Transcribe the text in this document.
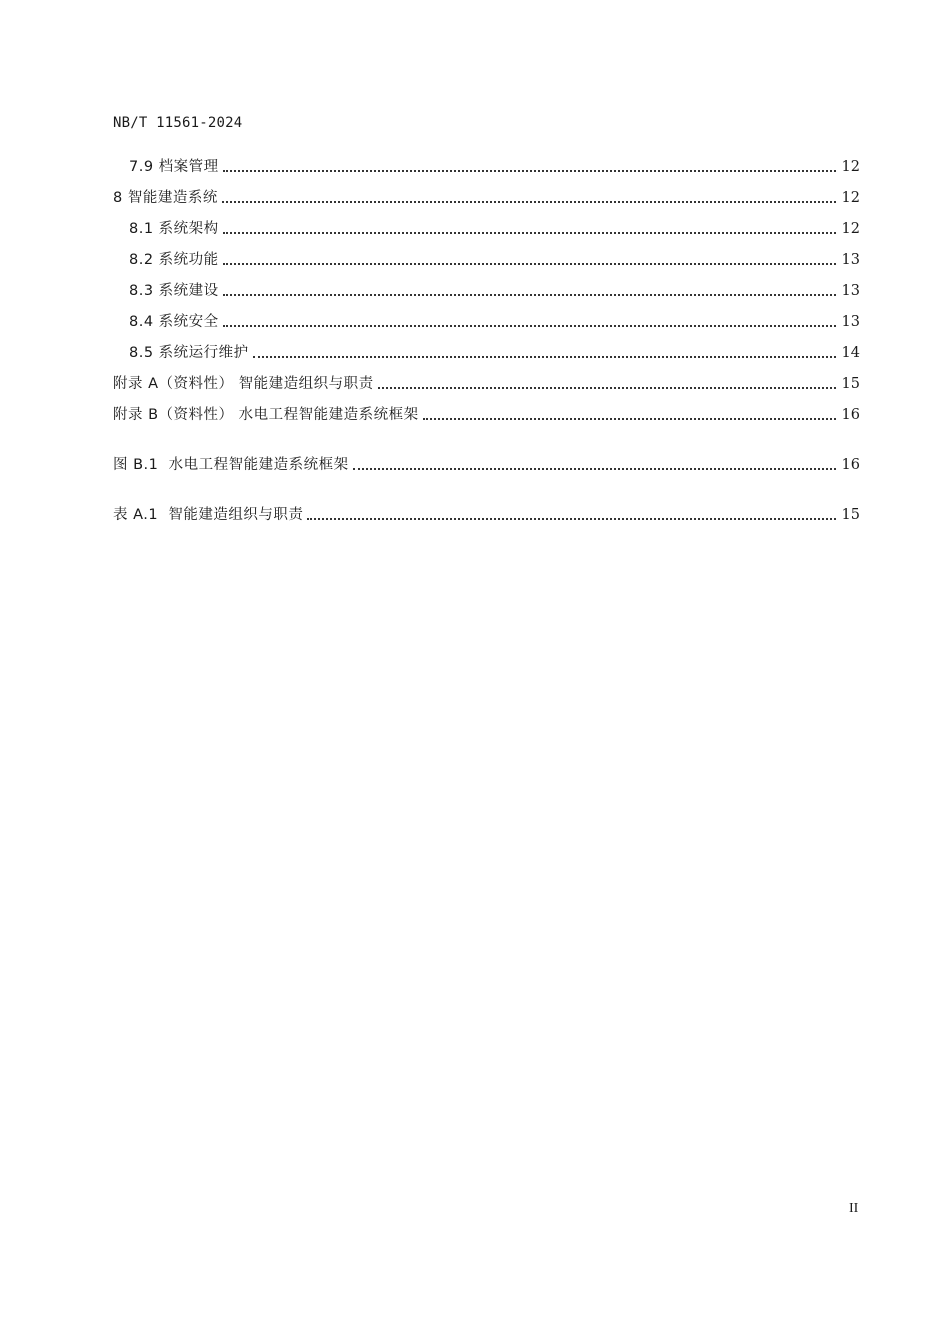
NB/T 11561-2024
7.9 档案管理	12
8 智能建造系统	12
8.1 系统架构	12
8.2 系统功能	13
8.3 系统建设	13
8.4 系统安全	13
8.5 系统运行维护	14
附录 A（资料性） 智能建造组织与职责	15
附录 B（资料性） 水电工程智能建造系统框架	16
图 B.1  水电工程智能建造系统框架	16
表 A.1  智能建造组织与职责	15
II
